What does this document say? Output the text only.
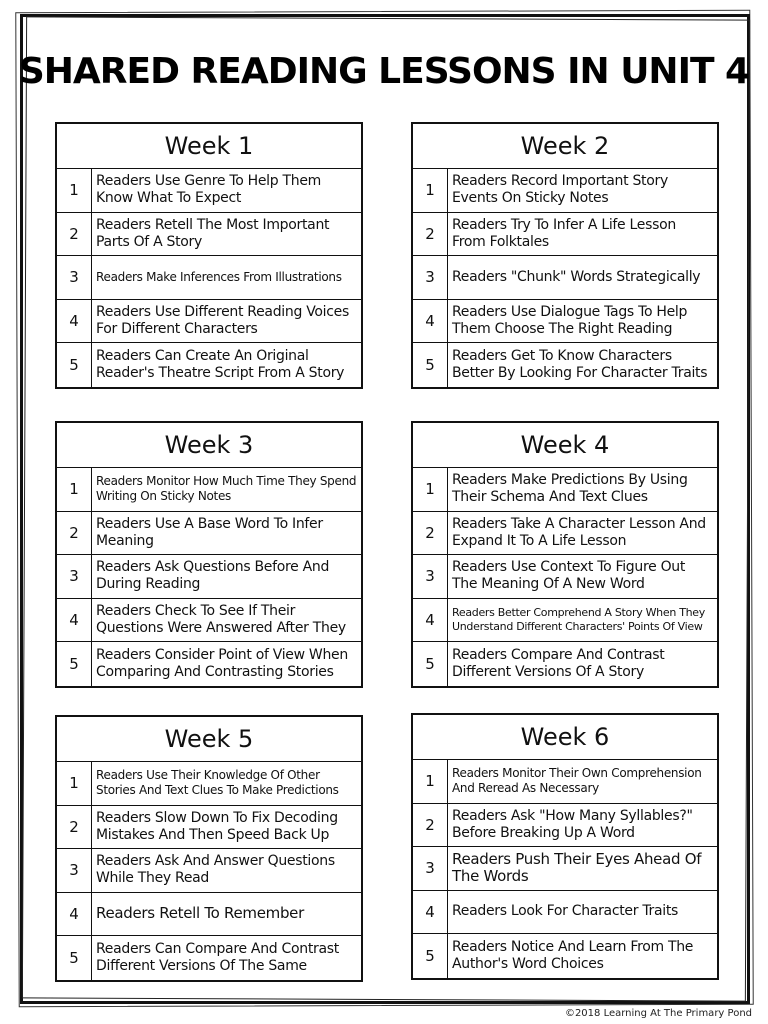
SHARED READING LESSONS IN UNIT 4
Week 1
1	Readers Use Genre To Help Them Know What To Expect
2	Readers Retell The Most Important Parts Of A Story
3	Readers Make Inferences From Illustrations
4	Readers Use Different Reading Voices For Different Characters
5	Readers Can Create An Original Reader's Theatre Script From A Story
Week 2
1	Readers Record Important Story Events On Sticky Notes
2	Readers Try To Infer A Life Lesson From Folktales
3	Readers "Chunk" Words Strategically
4	Readers Use Dialogue Tags To Help Them Choose The Right Reading
5	Readers Get To Know Characters Better By Looking For Character Traits
Week 3
1	Readers Monitor How Much Time They Spend Writing On Sticky Notes
2	Readers Use A Base Word To Infer Meaning
3	Readers Ask Questions Before And During Reading
4	Readers Check To See If Their Questions Were Answered After They
5	Readers Consider Point of View When Comparing And Contrasting Stories
Week 4
1	Readers Make Predictions By Using Their Schema And Text Clues
2	Readers Take A Character Lesson And Expand It To A Life Lesson
3	Readers Use Context To Figure Out The Meaning Of A New Word
4	Readers Better Comprehend A Story When They Understand Different Characters' Points Of View
5	Readers Compare And Contrast Different Versions Of A Story
Week 5
1	Readers Use Their Knowledge Of Other Stories And Text Clues To Make Predictions
2	Readers Slow Down To Fix Decoding Mistakes And Then Speed Back Up
3	Readers Ask And Answer Questions While They Read
4	Readers Retell To Remember
5	Readers Can Compare And Contrast Different Versions Of The Same
Week 6
1	Readers Monitor Their Own Comprehension And Reread As Necessary
2	Readers Ask "How Many Syllables?" Before Breaking Up A Word
3	Readers Push Their Eyes Ahead Of The Words
4	Readers Look For Character Traits
5	Readers Notice And Learn From The Author's Word Choices
©2018 Learning At The Primary Pond
